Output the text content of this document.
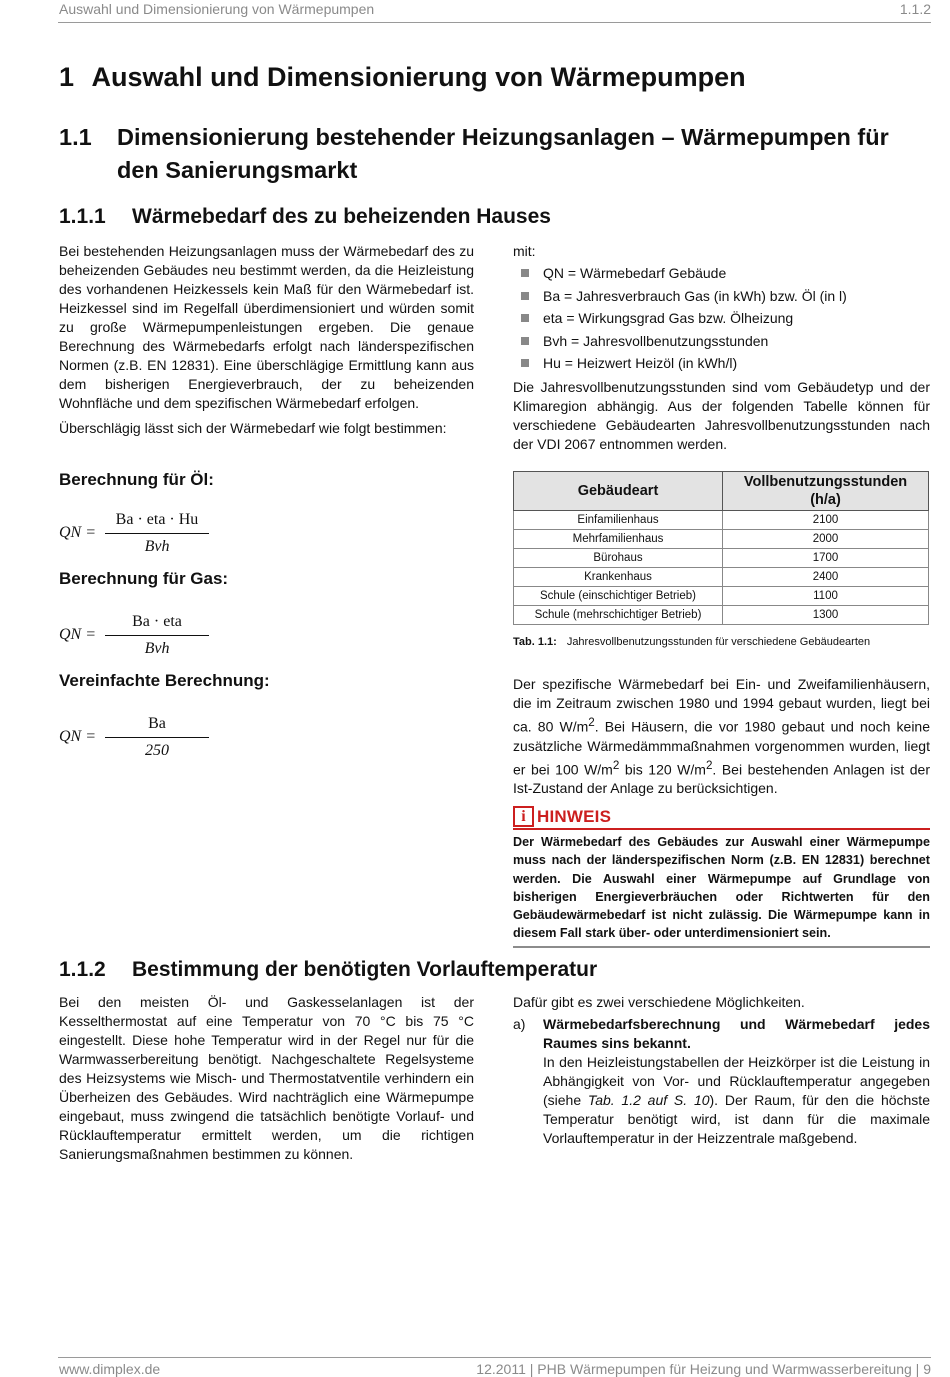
Auswahl und Dimensionierung von Wärmepumpen	1.1.2
1 Auswahl und Dimensionierung von Wärmepumpen
1.1 Dimensionierung bestehender Heizungsanlagen – Wärmepumpen für den Sanierungsmarkt
1.1.1 Wärmebedarf des zu beheizenden Hauses

Bei bestehenden Heizungsanlagen muss der Wärmebedarf des zu beheizenden Gebäudes neu bestimmt werden, da die Heizleistung des vorhandenen Heizkessels kein Maß für den Wärmebedarf ist. Heizkessel sind im Regelfall überdimensioniert und würden somit zu große Wärmepumpenleistungen ergeben. Die genaue Berechnung des Wärmebedarfs erfolgt nach länderspezifischen Normen (z.B. EN 12831). Eine überschlägige Ermittlung kann aus dem bisherigen Energieverbrauch, der zu beheizenden Wohnfläche und dem spezifischen Wärmebedarf erfolgen.

Überschlägig lässt sich der Wärmebedarf wie folgt bestimmen:

Berechnung für Öl:
QN =
Ba · eta · Hu
Bvh
Berechnung für Gas:
QN =
Ba · eta
Bvh
Vereinfachte Berechnung:
QN =
Ba
250
mit:
QN = Wärmebedarf Gebäude
Ba = Jahresverbrauch Gas (in kWh) bzw. Öl (in l)
eta = Wirkungsgrad Gas bzw. Ölheizung
Bvh = Jahresvollbenutzungsstunden
Hu = Heizwert Heizöl (in kWh/l)
Die Jahresvollbenutzungsstunden sind vom Gebäudetyp und der Klimaregion abhängig. Aus der folgenden Tabelle können für verschiedene Gebäudearten Jahresvollbenutzungsstunden nach der VDI 2067 entnommen werden.
Gebäudeart	Vollbenutzungsstunden (h/a)
Einfamilienhaus	2100
Mehrfamilienhaus	2000
Bürohaus	1700
Krankenhaus	2400
Schule (einschichtiger Betrieb)	1100
Schule (mehrschichtiger Betrieb)	1300
Tab. 1.1: Jahresvollbenutzungsstunden für verschiedene Gebäudearten
Der spezifische Wärmebedarf bei Ein- und Zweifamilienhäusern, die im Zeitraum zwischen 1980 und 1994 gebaut wurden, liegt bei ca. 80 $W/m^2$. Bei Häusern, die vor 1980 gebaut und noch keine zusätzliche Wärmedämmmaßnahmen vorgenommen wurden, liegt er bei 100 $W/m^2$ bis 120 $W/m^2$. Bei bestehenden Anlagen ist der Ist-Zustand der Anlage zu berücksichtigen.
i HINWEIS
Der Wärmebedarf des Gebäudes zur Auswahl einer Wärmepumpe muss nach der länderspezifischen Norm (z.B. EN 12831) berechnet werden. Die Auswahl einer Wärmepumpe auf Grundlage von bisherigen Energieverbräuchen oder Richtwerten für den Gebäudewärmebedarf ist nicht zulässig. Die Wärmepumpe kann in diesem Fall stark über- oder unterdimensioniert sein.
1.1.2 Bestimmung der benötigten Vorlauftemperatur
Bei den meisten Öl- und Gaskesselanlagen ist der Kesselthermostat auf eine Temperatur von 70 °C bis 75 °C eingestellt. Diese hohe Temperatur wird in der Regel nur für die Warmwasserbereitung benötigt. Nachgeschaltete Regelsysteme des Heizsystems wie Misch- und Thermostatventile verhindern ein Überheizen des Gebäudes. Wird nachträglich eine Wärmepumpe eingebaut, muss zwingend die tatsächlich benötigte Vorlauf- und Rücklauftemperatur ermittelt werden, um die richtigen Sanierungsmaßnahmen bestimmen zu können.
Dafür gibt es zwei verschiedene Möglichkeiten.
a) Wärmebedarfsberechnung und Wärmebedarf jedes Raumes sins bekannt.
In den Heizleistungstabellen der Heizkörper ist die Leistung in Abhängigkeit von Vor- und Rücklauftemperatur angegeben (siehe Tab. 1.2 auf S. 10). Der Raum, für den die höchste Temperatur benötigt wird, ist dann für die maximale Vorlauftemperatur in der Heizzentrale maßgebend.
www.dimplex.de	12.2011 | PHB Wärmepumpen für Heizung und Warmwasserbereitung | 9
